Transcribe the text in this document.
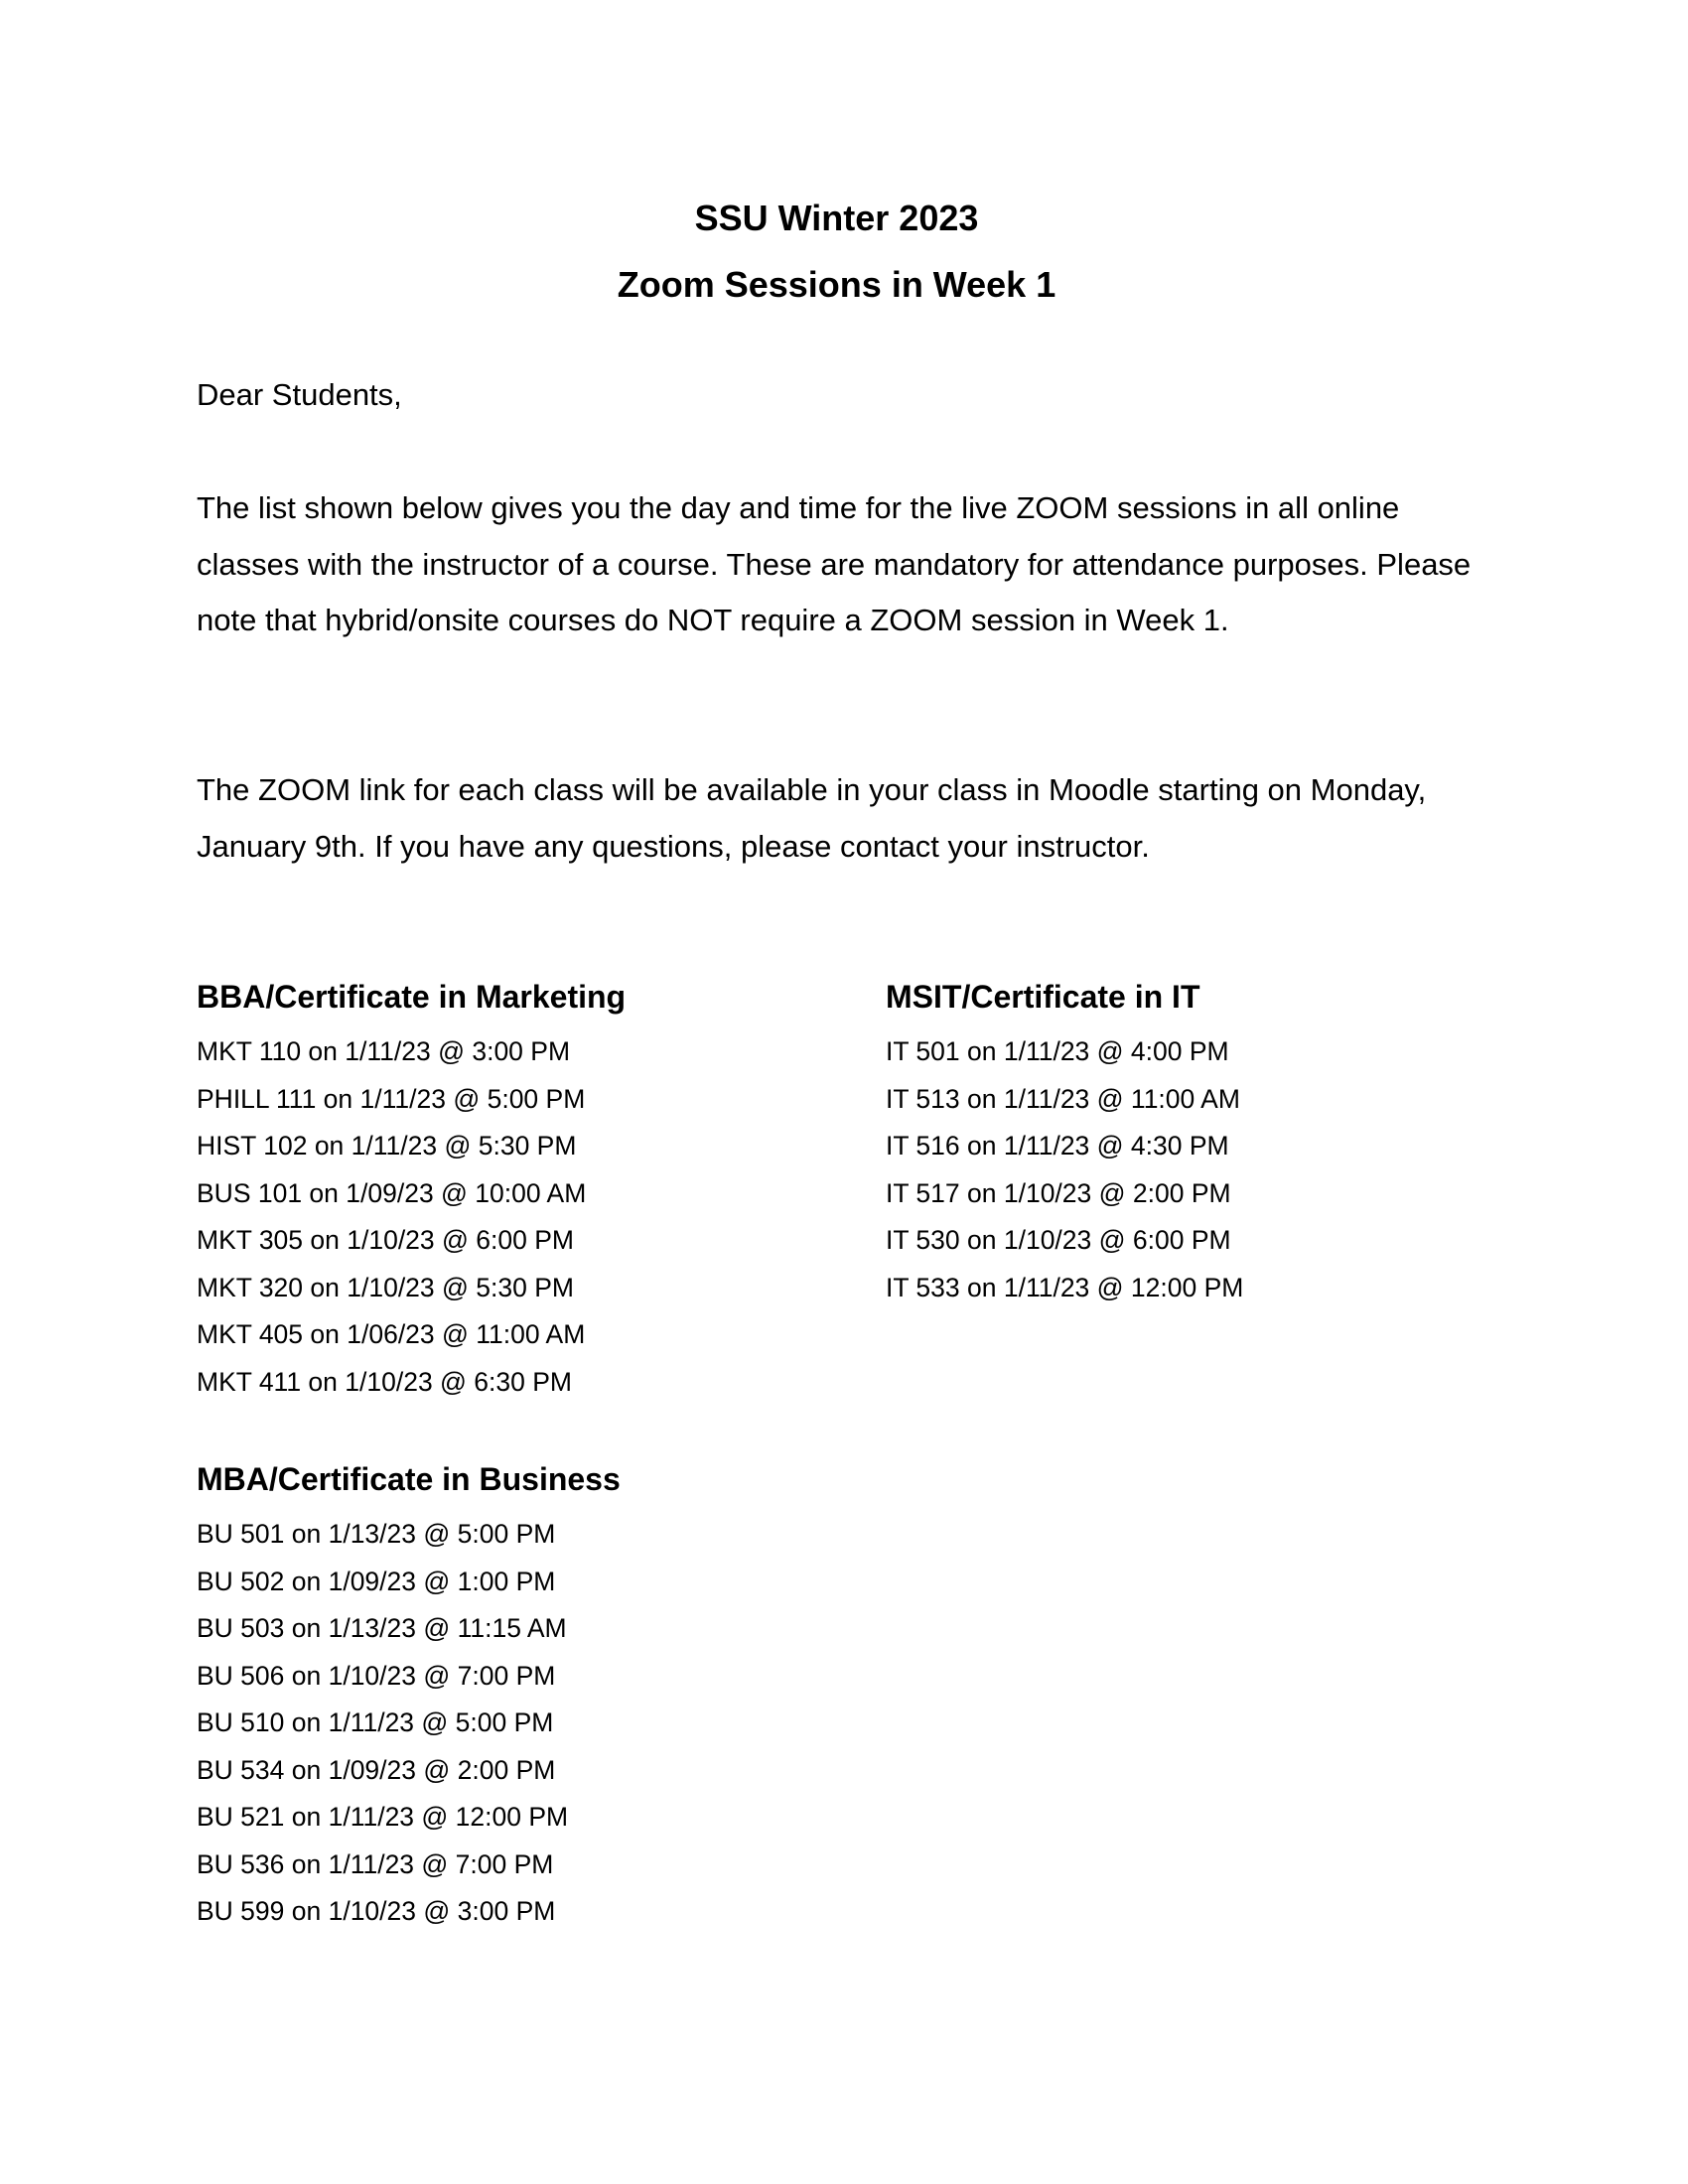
SSU Winter 2023
Zoom Sessions in Week 1
Dear Students,

The list shown below gives you the day and time for the live ZOOM sessions in all online classes with the instructor of a course. These are mandatory for attendance purposes. Please note that hybrid/onsite courses do NOT require a ZOOM session in Week 1.

The ZOOM link for each class will be available in your class in Moodle starting on Monday, January 9th. If you have any questions, please contact your instructor.

BBA/Certificate in Marketing
MKT 110 on 1/11/23 @ 3:00 PM
PHILL 111 on 1/11/23 @ 5:00 PM
HIST 102 on 1/11/23 @ 5:30 PM
BUS 101 on 1/09/23 @ 10:00 AM
MKT 305 on 1/10/23 @ 6:00 PM
MKT 320 on 1/10/23 @ 5:30 PM
MKT 405 on 1/06/23 @ 11:00 AM
MKT 411 on 1/10/23 @ 6:30 PM
MSIT/Certificate in IT
IT 501 on 1/11/23 @ 4:00 PM
IT 513 on 1/11/23 @ 11:00 AM
IT 516 on 1/11/23 @ 4:30 PM
IT 517 on 1/10/23 @ 2:00 PM
IT 530 on 1/10/23 @ 6:00 PM
IT 533 on 1/11/23 @ 12:00 PM
MBA/Certificate in Business
BU 501 on 1/13/23 @ 5:00 PM
BU 502 on 1/09/23 @ 1:00 PM
BU 503 on 1/13/23 @ 11:15 AM
BU 506 on 1/10/23 @ 7:00 PM
BU 510 on 1/11/23 @ 5:00 PM
BU 534 on 1/09/23 @ 2:00 PM
BU 521 on 1/11/23 @ 12:00 PM
BU 536 on 1/11/23 @ 7:00 PM
BU 599 on 1/10/23 @ 3:00 PM
